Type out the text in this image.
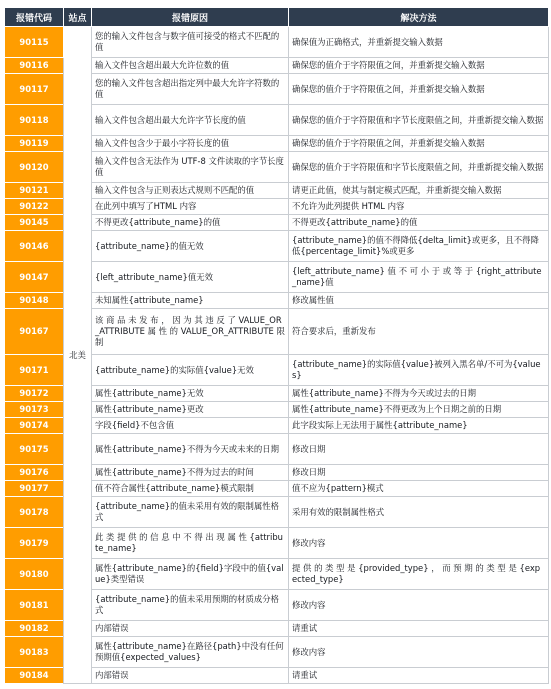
报错代码	站点	报错原因	解决方法
90115	北美	您的输入文件包含与数字值可接受的格式不匹配的值	确保值为正确格式，并重新提交输入数据
90116		输入文件包含超出最大允许位数的值	确保您的值介于字符限值之间，并重新提交输入数据
90117		您的输入文件包含超出指定列中最大允许字符数的值	确保您的值介于字符限值之间，并重新提交输入数据
90118		输入文件包含超出最大允许字节长度的值	确保您的值介于字符限值和字节长度限值之间，并重新提交输入数据
90119		输入文件包含少于最小字符长度的值	确保您的值介于字符限值之间，并重新提交输入数据
90120		输入文件包含无法作为 UTF-8 文件读取的字节长度值	确保您的值介于字符限值和字节长度限值之间，并重新提交输入数据
90121		输入文件包含与正则表达式规则不匹配的值	请更正此值，使其与制定模式匹配，并重新提交输入数据
90122		在此列中填写了HTML 内容	不允许为此列提供 HTML 内容
90145		不得更改{attribute_name}的值	不得更改{attribute_name}的值
90146		{attribute_name}的值无效	{attribute_name}的值不得降低{delta_limit}或更多，且不得降低{percentage_limit}%或更多
90147		{left_attribute_name}值无效	{left_attribute_name} 值 不 可 小 于 或 等 于 {right_attribute_name}值
90148		未知属性{attribute_name}	修改属性值
90167		该 商 品 未 发 布 ， 因 为 其 违 反 了 VALUE_OR_ATTRIBUTE 属 性 的 VALUE_OR_ATTRIBUTE 限制	符合要求后，重新发布
90171		{attribute_name}的实际值{value}无效	{attribute_name}的实际值{value}被列入黑名单/不可为{values}
90172		属性{attribute_name}无效	属性{attribute_name}不得为今天或过去的日期
90173		属性{attribute_name}更改	属性{attribute_name}不得更改为上个日期之前的日期
90174		字段{field}不包含值	此字段实际上无法用于属性{attribute_name}
90175		属性{attribute_name}不得为今天或未来的日期	修改日期
90176		属性{attribute_name}不得为过去的时间	修改日期
90177		值不符合属性{attribute_name}模式限制	值不应为{pattern}模式
90178		{attribute_name}的值未采用有效的限制属性格式	采用有效的限制属性格式
90179		此 类 提 供 的 信 息 中 不 得 出 现 属 性 {attribute_name}	修改内容
90180		属性{attribute_name}的{field}字段中的值{value}类型错误	提 供 的 类 型 是 {provided_type} ， 而 预 期 的 类 型 是 {expected_type}
90181		{attribute_name}的值未采用预期的材质成分格式	修改内容
90182		内部错误	请重试
90183		属性{attribute_name}在路径{path}中没有任何预期值{expected_values}	修改内容
90184		内部错误	请重试
